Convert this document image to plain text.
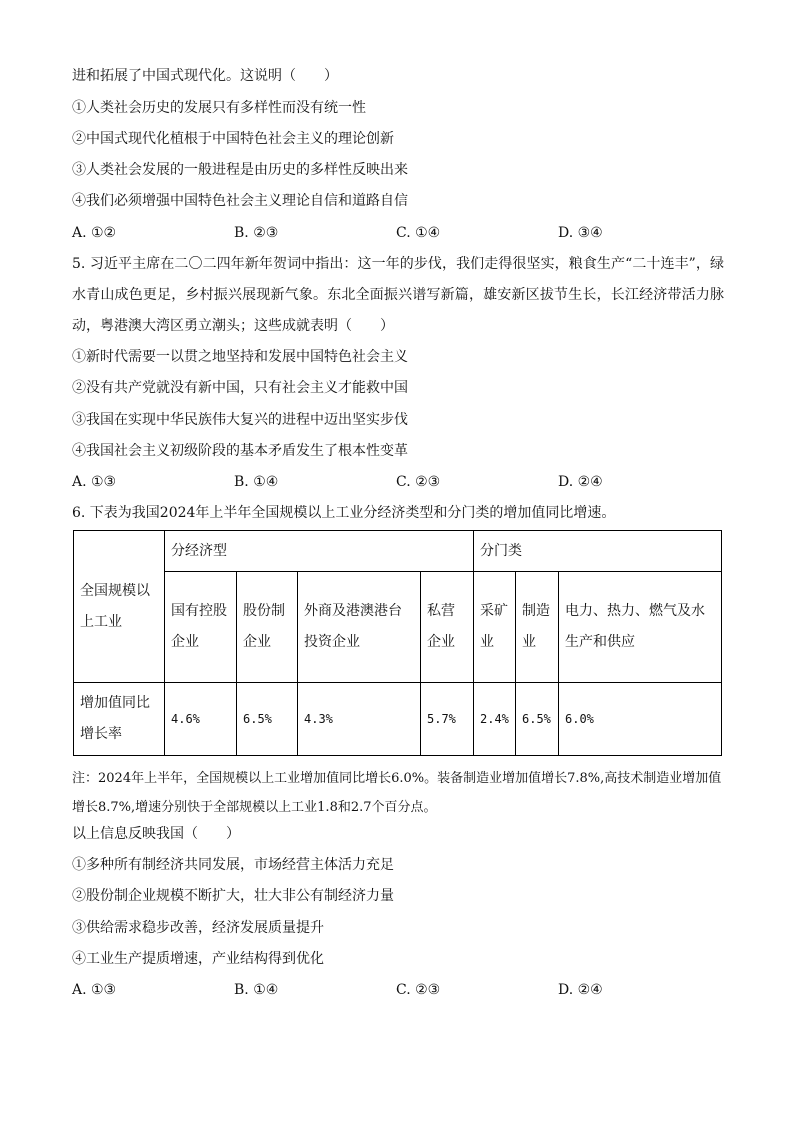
进和拓展了中国式现代化。这说明（　　）
①人类社会历史的发展只有多样性而没有统一性
②中国式现代化植根于中国特色社会主义的理论创新
③人类社会发展的一般进程是由历史的多样性反映出来
④我们必须增强中国特色社会主义理论自信和道路自信
A. ①②	B. ②③	C. ①④	D. ③④
5. 习近平主席在二〇二四年新年贺词中指出：这一年的步伐，我们走得很坚实，粮食生产“二十连丰”，绿水青山成色更足，乡村振兴展现新气象。东北全面振兴谱写新篇，雄安新区拔节生长，长江经济带活力脉动，粤港澳大湾区勇立潮头；这些成就表明（　　）
①新时代需要一以贯之地坚持和发展中国特色社会主义
②没有共产党就没有新中国，只有社会主义才能救中国
③我国在实现中华民族伟大复兴的进程中迈出坚实步伐
④我国社会主义初级阶段的基本矛盾发生了根本性变革
A. ①③	B. ①④	C. ②③	D. ②④
6. 下表为我国2024年上半年全国规模以上工业分经济类型和分门类的增加值同比增速。
全国规模以上工业	分经济型				分门类		
	国有控股企业	股份制企业	外商及港澳港台投资企业	私营企业	采矿业	制造业	电力、热力、燃气及水生产和供应
增加值同比增长率	4.6%	6.5%	4.3%	5.7%	2.4%	6.5%	6.0%
注：2024年上半年，全国规模以上工业增加值同比增长6.0%。装备制造业增加值增长7.8%,高技术制造业增加值增长8.7%,增速分别快于全部规模以上工业1.8和2.7个百分点。
以上信息反映我国（　　）
①多种所有制经济共同发展，市场经营主体活力充足
②股份制企业规模不断扩大，壮大非公有制经济力量
③供给需求稳步改善，经济发展质量提升
④工业生产提质增速，产业结构得到优化
A. ①③	B. ①④	C. ②③	D. ②④
